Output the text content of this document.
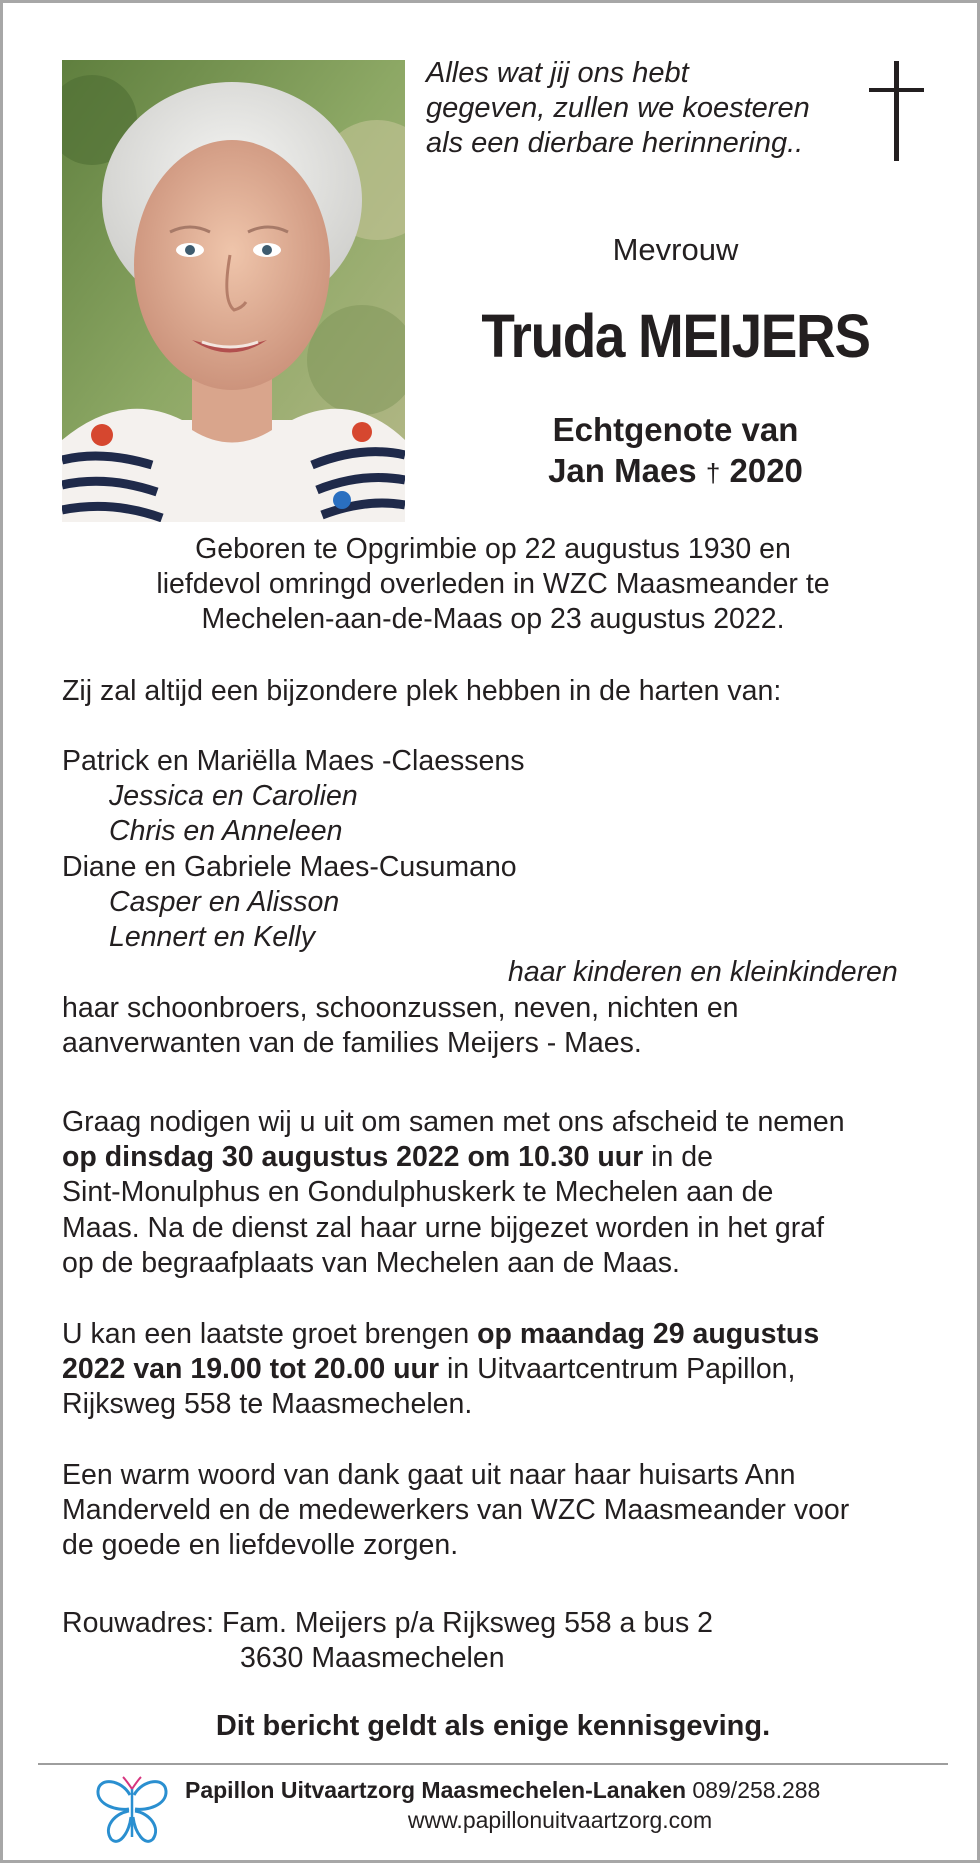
Alles wat jij ons hebt
gegeven, zullen we koesteren
als een dierbare herinnering..
Mevrouw
Truda MEIJERS
Echtgenote van
Jan Maes † 2020
Geboren te Opgrimbie op 22 augustus 1930 en
liefdevol omringd overleden in WZC Maasmeander te
Mechelen-aan-de-Maas op 23 augustus 2022.
Zij zal altijd een bijzondere plek hebben in de harten van:
Patrick en Mariëlla Maes -Claessens
Jessica en Carolien
Chris en Anneleen
Diane en Gabriele Maes-Cusumano
Casper en Alisson
Lennert en Kelly
haar kinderen en kleinkinderen
haar schoonbroers, schoonzussen, neven, nichten en
aanverwanten van de families Meijers - Maes.
Graag nodigen wij u uit om samen met ons afscheid te nemen
op dinsdag 30 augustus 2022 om 10.30 uur in de
Sint-Monulphus en Gondulphuskerk te Mechelen aan de
Maas. Na de dienst zal haar urne bijgezet worden in het graf
op de begraafplaats van Mechelen aan de Maas.
U kan een laatste groet brengen op maandag 29 augustus
2022 van 19.00 tot 20.00 uur in Uitvaartcentrum Papillon,
Rijksweg 558 te Maasmechelen.
Een warm woord van dank gaat uit naar haar huisarts Ann
Manderveld en de medewerkers van WZC Maasmeander voor
de goede en liefdevolle zorgen.
Rouwadres: Fam. Meijers p/a Rijksweg 558 a bus 2
3630 Maasmechelen
Dit bericht geldt als enige kennisgeving.
Papillon Uitvaartzorg Maasmechelen-Lanaken 089/258.288
www.papillonuitvaartzorg.com
